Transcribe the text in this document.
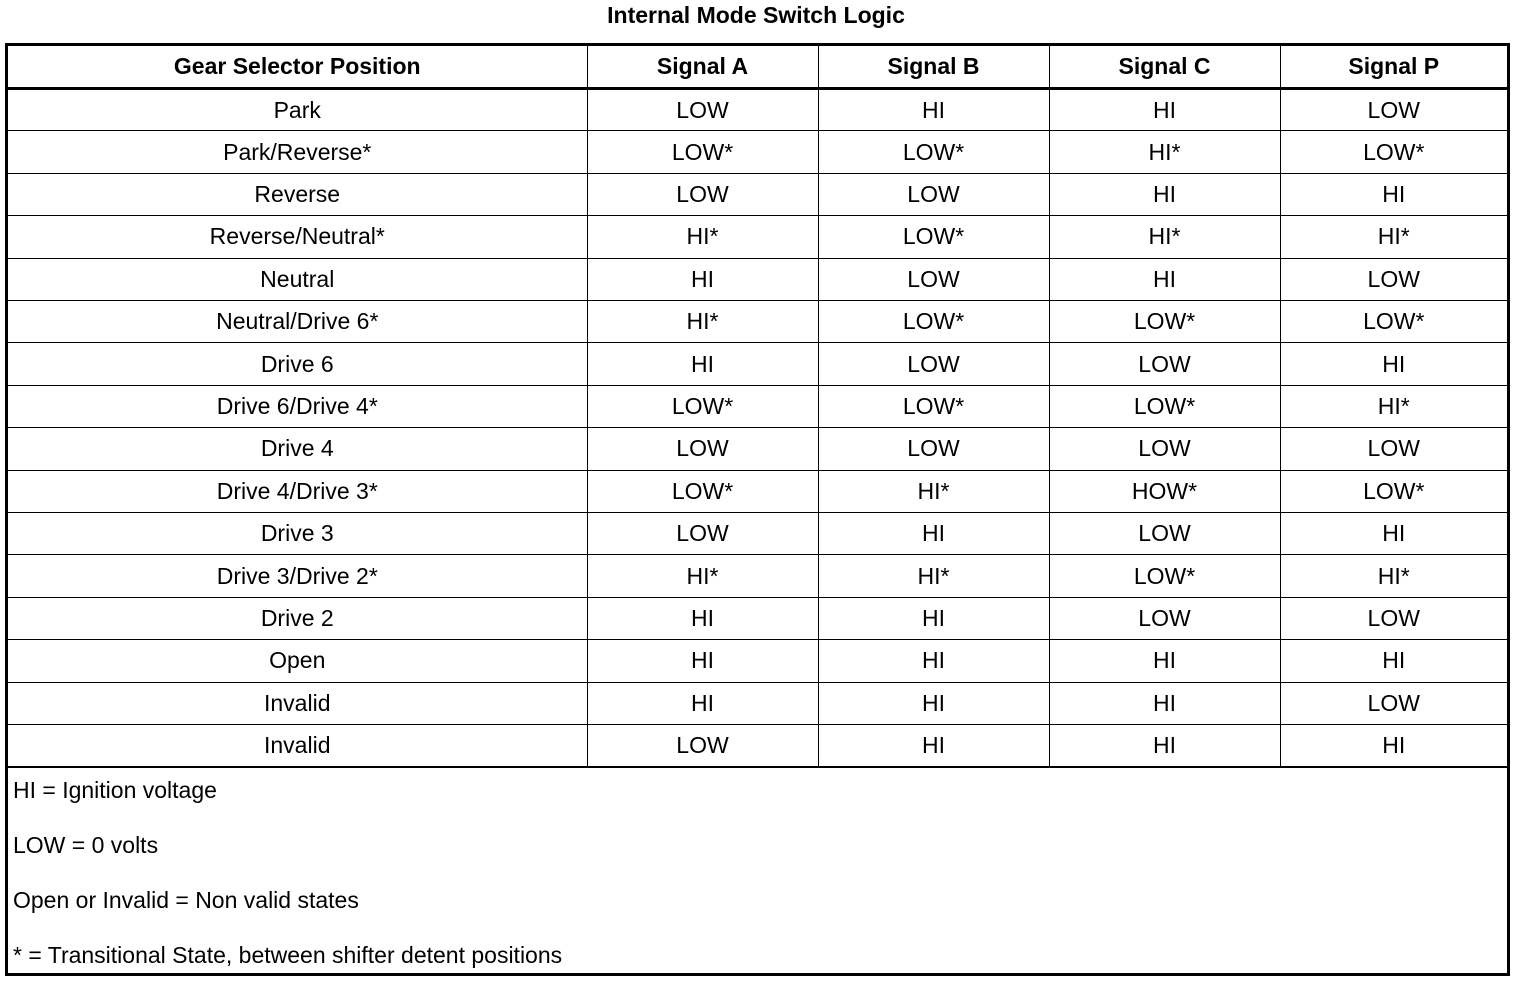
Internal Mode Switch Logic
Gear Selector Position	Signal A	Signal B	Signal C	Signal P
Park	LOW	HI	HI	LOW
Park/Reverse*	LOW*	LOW*	HI*	LOW*
Reverse	LOW	LOW	HI	HI
Reverse/Neutral*	HI*	LOW*	HI*	HI*
Neutral	HI	LOW	HI	LOW
Neutral/Drive 6*	HI*	LOW*	LOW*	LOW*
Drive 6	HI	LOW	LOW	HI
Drive 6/Drive 4*	LOW*	LOW*	LOW*	HI*
Drive 4	LOW	LOW	LOW	LOW
Drive 4/Drive 3*	LOW*	HI*	HOW*	LOW*
Drive 3	LOW	HI	LOW	HI
Drive 3/Drive 2*	HI*	HI*	LOW*	HI*
Drive 2	HI	HI	LOW	LOW
Open	HI	HI	HI	HI
Invalid	HI	HI	HI	LOW
Invalid	LOW	HI	HI	HI
HI = Ignition voltage
LOW = 0 volts
Open or Invalid = Non valid states
* = Transitional State, between shifter detent positions
